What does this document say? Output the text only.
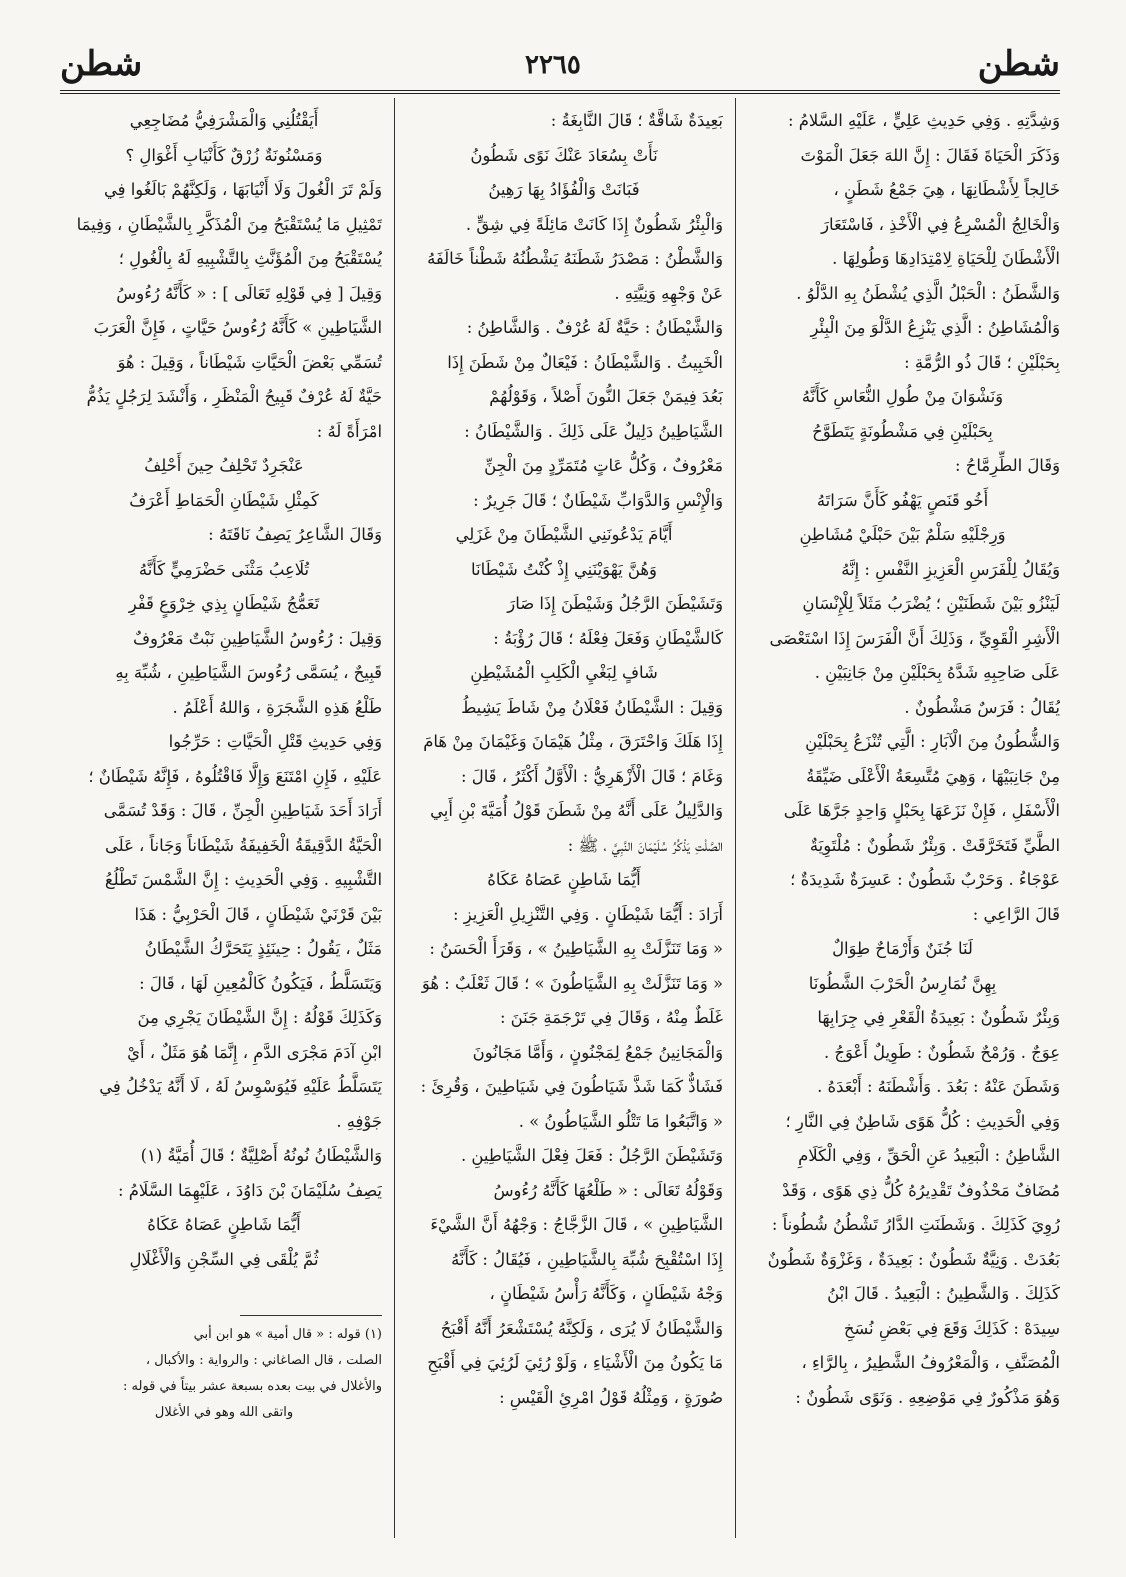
شطن
٢٢٦٥
شطن

وَشِدَّتِهِ . وَفِي حَدِيثِ عَلِيٍّ ، عَلَيْهِ السَّلامُ :

وَذَكَرَ الْحَيَاةَ فَقَالَ : إِنَّ اللهَ جَعَلَ الْمَوْتَ

خَالِجاً لِأَشْطَانِهَا ، هِيَ جَمْعُ شَطَنٍ ،

وَالْخَالِجُ الْمُسْرِعُ فِي الْأَخْذِ ، فَاسْتَعَارَ

الْأَشْطَانَ لِلْحَيَاةِ لِامْتِدَادِهَا وَطُولِهَا .

وَالشَّطَنُ : الْحَبْلُ الَّذِي يُشْطَنُ بِهِ الدَّلْوُ .

وَالْمُشَاطِنُ : الَّذِي يَنْزِعُ الدَّلْوَ مِنَ الْبِئْرِ

بِحَبْلَيْنِ ؛ قَالَ ذُو الرُّمَّةِ :

وَنَشْوَانَ مِنْ طُولِ النُّعَاسِ كَأَنَّهُ

بِحَبْلَيْنِ فِي مَشْطُونَةٍ يَتَطَوَّحُ

وَقَالَ الطِّرِمَّاحُ :

أَخُو قَنَصٍ يَهْفُو كَأَنَّ سَرَاتَهُ

وَرِجْلَيْهِ سَلْمٌ بَيْنَ حَبْلَيْ مُشَاطِنِ

وَيُقَالُ لِلْفَرَسِ الْعَزِيزِ النَّفْسِ : إِنَّهُ

لَيَنْزُو بَيْنَ شَطَنَيْنِ ؛ يُضْرَبُ مَثَلاً لِلْإِنْسَانِ

الْأَشِرِ الْقَوِيِّ ، وَذَلِكَ أَنَّ الْفَرَسَ إِذَا اسْتَعْصَى

عَلَى صَاحِبِهِ شَدَّهُ بِحَبْلَيْنِ مِنْ جَانِبَيْنِ .

يُقَالُ : فَرَسٌ مَشْطُونٌ .

وَالشُّطُونُ مِنَ الْآبَارِ : الَّتِي تُنْزَعُ بِحَبْلَيْنِ

مِنْ جَانِبَيْهَا ، وَهِيَ مُتَّسِعَةُ الْأَعْلَى ضَيِّقَةُ

الْأَسْفَلِ ، فَإِنْ نَزَعَهَا بِحَبْلٍ وَاحِدٍ جَرَّهَا عَلَى

الطَّيِّ فَتَخَرَّقَتْ . وَبِئْرٌ شَطُونٌ : مُلْتَوِيَةٌ

عَوْجَاءُ . وَحَرْبٌ شَطُونٌ : عَسِرَةٌ شَدِيدَةٌ ؛

قَالَ الرَّاعِي :

لَنَا جُنَنٌ وَأَرْمَاحٌ طِوَالٌ

بِهِنَّ نُمَارِسُ الْحَرْبَ الشَّطُونَا

وَبِئْرٌ شَطُونٌ : بَعِيدَةُ الْقَعْرِ فِي جِرَابِهَا

عِوَجٌ . وَرُمْحٌ شَطُونٌ : طَوِيلٌ أَعْوَجُ .

وَشَطَنَ عَنْهُ : بَعُدَ . وَأَشْطَنَهُ : أَبْعَدَهُ .

وَفِي الْحَدِيثِ : كُلُّ هَوًى شَاطِنٌ فِي النَّارِ ؛

الشَّاطِنُ : الْبَعِيدُ عَنِ الْحَقِّ ، وَفِي الْكَلَامِ

مُضَافٌ مَحْذُوفٌ تَقْدِيرُهُ كُلُّ ذِي هَوًى ، وَقَدْ

رُوِيَ كَذَلِكَ . وَشَطَنَتِ الدَّارُ تَشْطُنُ شُطُوناً :

بَعُدَتْ . وَنِيَّةٌ شَطُونٌ : بَعِيدَةٌ ، وَغَزْوَةٌ شَطُونٌ

كَذَلِكَ . وَالشَّطِينُ : الْبَعِيدُ . قَالَ ابْنُ

سِيدَهْ : كَذَلِكَ وَقَعَ فِي بَعْضِ نُسَخِ

الْمُصَنَّفِ ، وَالْمَعْرُوفُ الشَّطِيرُ ، بِالرَّاءِ ،

وَهُوَ مَذْكُورٌ فِي مَوْضِعِهِ . وَنَوًى شَطُونٌ :

بَعِيدَةٌ شَاقَّةٌ ؛ قَالَ النَّابِغَةُ :

نَأَتْ بِسُعَادَ عَنْكَ نَوًى شَطُونُ

فَبَانَتْ وَالْفُؤَادُ بِهَا رَهِينُ

وَالْبِئْرُ شَطُونٌ إِذَا كَانَتْ مَائِلَةً فِي شِقٍّ .

وَالشَّطْنُ : مَصْدَرُ شَطَنَهُ يَشْطُنُهُ شَطْناً خَالَفَهُ

عَنْ وَجْهِهِ وَنِيَّتِهِ .

وَالشَّيْطَانُ : حَيَّةٌ لَهُ عُرْفٌ . وَالشَّاطِنُ :

الْخَبِيثُ . وَالشَّيْطَانُ : فَيْعَالٌ مِنْ شَطَنَ إِذَا

بَعُدَ فِيمَنْ جَعَلَ النُّونَ أَصْلاً ، وَقَوْلُهُمْ

الشَّيَاطِينُ دَلِيلٌ عَلَى ذَلِكَ . وَالشَّيْطَانُ :

مَعْرُوفٌ ، وَكُلُّ عَاتٍ مُتَمَرِّدٍ مِنَ الْجِنِّ

وَالْإِنْسِ وَالدَّوَابِّ شَيْطَانٌ ؛ قَالَ جَرِيرٌ :

أَيَّامَ يَدْعُونَنِي الشَّيْطَانَ مِنْ غَزَلِي

وَهُنَّ يَهْوَيْنَنِي إِذْ كُنْتُ شَيْطَانَا

وَتَشَيْطَنَ الرَّجُلُ وَشَيْطَنَ إِذَا صَارَ

كَالشَّيْطَانِ وَفَعَلَ فِعْلَهُ ؛ قَالَ رُؤْبَةُ :

شَافٍ لِبَغْيِ الْكَلِبِ الْمُشَيْطِنِ

وَقِيلَ : الشَّيْطَانُ فَعْلَانُ مِنْ شَاطَ يَشِيطُ

إِذَا هَلَكَ وَاحْتَرَقَ ، مِثْلُ هَيْمَانَ وَغَيْمَانَ مِنْ هَامَ

وَغَامَ ؛ قَالَ الْأَزْهَرِيُّ : الْأَوَّلُ أَكْثَرُ ، قَالَ :

وَالدَّلِيلُ عَلَى أَنَّهُ مِنْ شَطَنَ قَوْلُ أُمَيَّةَ بْنِ أَبِي

الصَّلْتِ يَذْكُرُ سُلَيْمَانَ النَّبِيَّ ، ﷺ :

أَيُّمَا شَاطِنٍ عَصَاهُ عَكَاهُ

أَرَادَ : أَيُّمَا شَيْطَانٍ . وَفِي التَّنْزِيلِ الْعَزِيزِ :

« وَمَا تَنَزَّلَتْ بِهِ الشَّيَاطِينُ » ، وَقَرَأَ الْحَسَنُ :

« وَمَا تَنَزَّلَتْ بِهِ الشَّيَاطُونَ » ؛ قَالَ ثَعْلَبٌ : هُوَ

غَلَطٌ مِنْهُ ، وَقَالَ فِي تَرْجَمَةِ جَنَنَ :

وَالْمَجَانِينُ جَمْعُ لِمَجْنُونٍ ، وَأَمَّا مَجَانُونَ

فَشَاذٌّ كَمَا شَذَّ شَيَاطُونَ فِي شَيَاطِينَ ، وَقُرِئَ :

« وَاتَّبَعُوا مَا تَتْلُو الشَّيَاطُونُ » .

وَتَشَيْطَنَ الرَّجُلُ : فَعَلَ فِعْلَ الشَّيَاطِينِ .

وَقَوْلُهُ تَعَالَى : « طَلْعُهَا كَأَنَّهُ رُءُوسُ

الشَّيَاطِينِ » ، قَالَ الزَّجَّاجُ : وَجْهُهُ أَنَّ الشَّيْءَ

إِذَا اسْتُقْبِحَ شُبِّهَ بِالشَّيَاطِينِ ، فَيُقَالُ : كَأَنَّهُ

وَجْهُ شَيْطَانٍ ، وَكَأَنَّهُ رَأْسُ شَيْطَانٍ ،

وَالشَّيْطَانُ لَا يُرَى ، وَلَكِنَّهُ يُسْتَشْعَرُ أَنَّهُ أَقْبَحُ

مَا يَكُونُ مِنَ الْأَشْيَاءِ ، وَلَوْ رُئِيَ لَرُئِيَ فِي أَقْبَحِ

صُورَةٍ ، وَمِثْلُهُ قَوْلُ امْرِئِ الْقَيْسِ :

أَيَقْتُلُنِي وَالْمَشْرَفِيُّ مُضَاجِعِي

وَمَسْنُونَةٌ زُرْقٌ كَأَنْيَابِ أَغْوَالِ ؟

وَلَمْ تَرَ الْغُولَ وَلَا أَنْيَابَهَا ، وَلَكِنَّهُمْ بَالَغُوا فِي

تَمْثِيلِ مَا يُسْتَقْبَحُ مِنَ الْمُذَكَّرِ بِالشَّيْطَانِ ، وَفِيمَا

يُسْتَقْبَحُ مِنَ الْمُؤَنَّثِ بِالتَّشْبِيهِ لَهُ بِالْغُولِ ؛

وَقِيلَ [ فِي قَوْلِهِ تَعَالَى ] : « كَأَنَّهُ رُءُوسُ

الشَّيَاطِينِ » كَأَنَّهُ رُءُوسُ حَيَّاتٍ ، فَإِنَّ الْعَرَبَ

تُسَمِّي بَعْضَ الْحَيَّاتِ شَيْطَاناً ، وَقِيلَ : هُوَ

حَيَّةٌ لَهُ عُرْفٌ قَبِيحُ الْمَنْظَرِ ، وَأَنْشَدَ لِرَجُلٍ يَذُمُّ

امْرَأَةً لَهُ :

عَنْجَرِدٌ تَحْلِفُ حِينَ أَحْلِفُ

كَمِثْلِ شَيْطَانِ الْحَمَاطِ أَعْرَفُ

وَقَالَ الشَّاعِرُ يَصِفُ نَاقَتَهُ :

تُلَاعِبُ مَثْنَى حَضْرَمِيٍّ كَأَنَّهُ

تَعَمُّجُ شَيْطَانٍ بِذِي خِرْوَعٍ قَفْرِ

وَقِيلَ : رُءُوسُ الشَّيَاطِينِ نَبْتٌ مَعْرُوفٌ

قَبِيحٌ ، يُسَمَّى رُءُوسَ الشَّيَاطِينِ ، شُبِّهَ بِهِ

طَلْعُ هَذِهِ الشَّجَرَةِ ، وَاللهُ أَعْلَمُ .

وَفِي حَدِيثِ قَتْلِ الْحَيَّاتِ : حَرِّجُوا

عَلَيْهِ ، فَإِنِ امْتَنَعَ وَإِلَّا فَاقْتُلُوهُ ، فَإِنَّهُ شَيْطَانٌ ؛

أَرَادَ أَحَدَ شَيَاطِينِ الْجِنِّ ، قَالَ : وَقَدْ تُسَمَّى

الْحَيَّةُ الدَّقِيقَةُ الْخَفِيفَةُ شَيْطَاناً وَجَاناً ، عَلَى

التَّشْبِيهِ . وَفِي الْحَدِيثِ : إِنَّ الشَّمْسَ تَطْلُعُ

بَيْنَ قَرْنَيْ شَيْطَانٍ ، قَالَ الْحَرْبِيُّ : هَذَا

مَثَلٌ ، يَقُولُ : حِينَئِذٍ يَتَحَرَّكُ الشَّيْطَانُ

وَيَتَسَلَّطُ ، فَيَكُونُ كَالْمُعِينِ لَهَا ، قَالَ :

وَكَذَلِكَ قَوْلُهُ : إِنَّ الشَّيْطَانَ يَجْرِي مِنَ

ابْنِ آدَمَ مَجْرَى الدَّمِ ، إِنَّمَا هُوَ مَثَلٌ ، أَيْ

يَتَسَلَّطُ عَلَيْهِ فَيُوَسْوِسُ لَهُ ، لَا أَنَّهُ يَدْخُلُ فِي

جَوْفِهِ .

وَالشَّيْطَانُ نُونُهُ أَصْلِيَّةٌ ؛ قَالَ أُمَيَّةُ (١)

يَصِفُ سُلَيْمَانَ بْنَ دَاوُدَ ، عَلَيْهِمَا السَّلَامُ :

أَيُّمَا شَاطِنٍ عَصَاهُ عَكَاهُ

ثُمَّ يُلْقَى فِي السِّجْنِ وَالْأَغْلَالِ

(١) قوله : « قال أمية » هو ابن أبي

الصلت ، قال الصاغاني : والرواية : والأكبال ،

والأغلال في بيت بعده بسبعة عشر بيتاً في قوله :

واتقى الله وهو في الأغلال
